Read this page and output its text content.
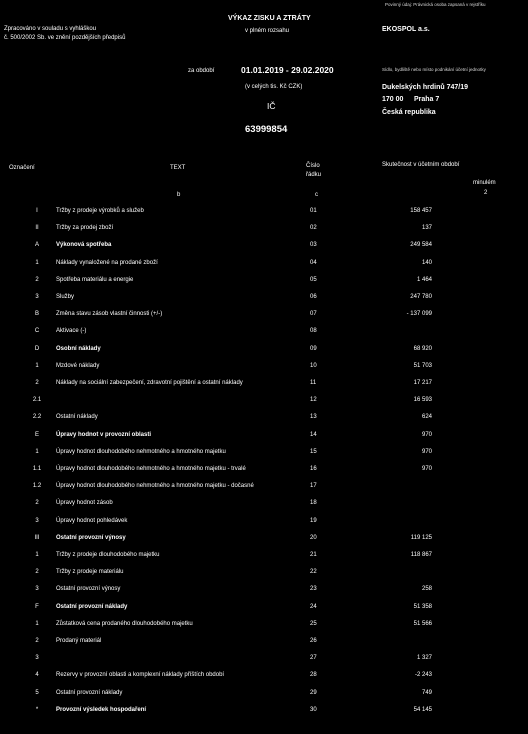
Povinný údaj: Právnická osoba zapsaná v rejstříku
Zpracováno v souladu s vyhláškou
č. 500/2002 Sb. ve znění pozdějších předpisů
VÝKAZ ZISKU A ZTRÁTY
v plném rozsahu	EKOSPOL a.s.
za období	01.01.2019 - 29.02.2020
(v celých tis. Kč CZK)
Sídlo, bydliště nebo místo podnikání účetní jednotky
Dukelských hrdinů 747/19
170 00 Praha 7
Česká republika
IČ
63999854
Označení	TEXT	Číslo
řádku
Skutečnost v účetním období
minulém
b	c	2
I	Tržby z prodeje výrobků a služeb	01	158 457
II	Tržby za prodej zboží	02	137
A	Výkonová spotřeba	03	249 584
1	Náklady vynaložené na prodané zboží	04	140
2	Spotřeba materiálu a energie	05	1 464
3	Služby	06	247 780
B	Změna stavu zásob vlastní činnosti (+/-)	07	- 137 099
C	Aktivace (-)	08
D	Osobní náklady	09	68 920
1	Mzdové náklady	10	51 703
2	Náklady na sociální zabezpečení, zdravotní pojištění a ostatní náklady	11	17 217
2.1	12	16 593
2.2	Ostatní náklady	13	624
E	Úpravy hodnot v provozní oblasti	14	970
1	Úpravy hodnot dlouhodobého nehmotného a hmotného majetku	15	970
1.1	Úpravy hodnot dlouhodobého nehmotného a hmotného majetku - trvalé	16	970
1.2	Úpravy hodnot dlouhodobého nehmotného a hmotného majetku - dočasné	17
2	Úpravy hodnot zásob	18
3	Úpravy hodnot pohledávek	19
III	Ostatní provozní výnosy	20	119 125
1	Tržby z prodeje dlouhodobého majetku	21	118 867
2	Tržby z prodeje materiálu	22
3	Ostatní provozní výnosy	23	258
F	Ostatní provozní náklady	24	51 358
1	Zůstatková cena prodaného dlouhodobého majetku	25	51 566
2	Prodaný materiál	26
3	27	1 327
4	Rezervy v provozní oblasti a komplexní náklady příštích období	28	-2 243
5	Ostatní provozní náklady	29	749
*	Provozní výsledek hospodaření	30	54 145
